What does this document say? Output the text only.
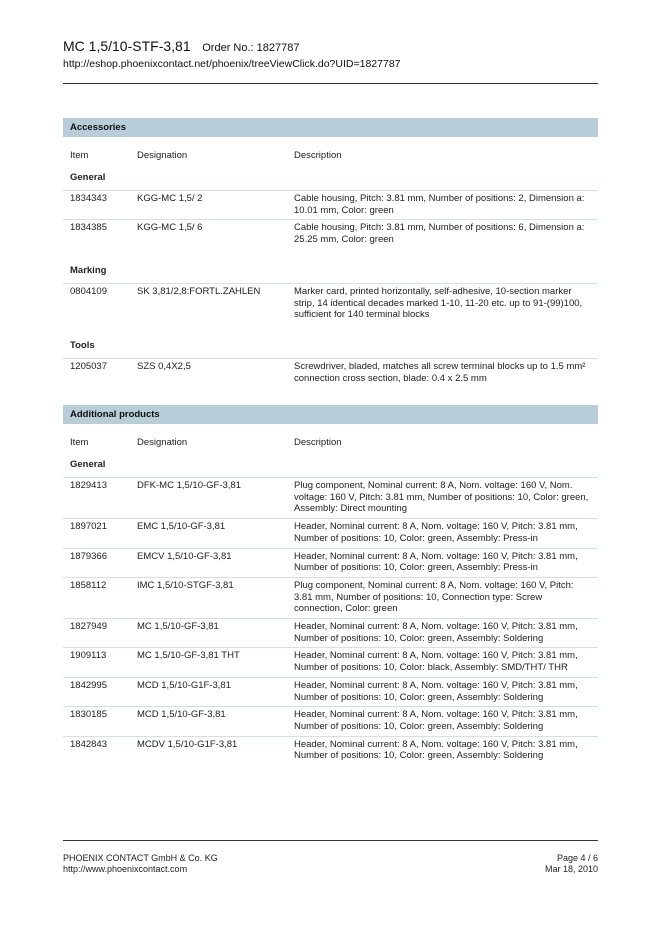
MC 1,5/10-STF-3,81 Order No.: 1827787
http://eshop.phoenixcontact.net/phoenix/treeViewClick.do?UID=1827787
Accessories
Item	Designation	Description
General
1834343	KGG-MC 1,5/ 2	Cable housing, Pitch: 3.81 mm, Number of positions: 2, Dimension a: 10.01 mm, Color: green
1834385	KGG-MC 1,5/ 6	Cable housing, Pitch: 3.81 mm, Number of positions: 6, Dimension a: 25.25 mm, Color: green
Marking
0804109	SK 3,81/2,8:FORTL.ZAHLEN	Marker card, printed horizontally, self-adhesive, 10-section marker strip, 14 identical decades marked 1-10, 11-20 etc. up to 91-(99)100, sufficient for 140 terminal blocks
Tools
1205037	SZS 0,4X2,5	Screwdriver, bladed, matches all screw terminal blocks up to 1.5 mm² connection cross section, blade: 0.4 x 2.5 mm
Additional products
Item	Designation	Description
General
1829413	DFK-MC 1,5/10-GF-3,81	Plug component, Nominal current: 8 A, Nom. voltage: 160 V, Nom. voltage: 160 V, Pitch: 3.81 mm, Number of positions: 10, Color: green, Assembly: Direct mounting
1897021	EMC 1,5/10-GF-3,81	Header, Nominal current: 8 A, Nom. voltage: 160 V, Pitch: 3.81 mm, Number of positions: 10, Color: green, Assembly: Press-in
1879366	EMCV 1,5/10-GF-3,81	Header, Nominal current: 8 A, Nom. voltage: 160 V, Pitch: 3.81 mm, Number of positions: 10, Color: green, Assembly: Press-in
1858112	IMC 1,5/10-STGF-3,81	Plug component, Nominal current: 8 A, Nom. voltage: 160 V, Pitch: 3.81 mm, Number of positions: 10, Connection type: Screw connection, Color: green
1827949	MC 1,5/10-GF-3,81	Header, Nominal current: 8 A, Nom. voltage: 160 V, Pitch: 3.81 mm, Number of positions: 10, Color: green, Assembly: Soldering
1909113	MC 1,5/10-GF-3,81 THT	Header, Nominal current: 8 A, Nom. voltage: 160 V, Pitch: 3.81 mm, Number of positions: 10, Color: black, Assembly: SMD/THT/ THR
1842995	MCD 1,5/10-G1F-3,81	Header, Nominal current: 8 A, Nom. voltage: 160 V, Pitch: 3.81 mm, Number of positions: 10, Color: green, Assembly: Soldering
1830185	MCD 1,5/10-GF-3,81	Header, Nominal current: 8 A, Nom. voltage: 160 V, Pitch: 3.81 mm, Number of positions: 10, Color: green, Assembly: Soldering
1842843	MCDV 1,5/10-G1F-3,81	Header, Nominal current: 8 A, Nom. voltage: 160 V, Pitch: 3.81 mm, Number of positions: 10, Color: green, Assembly: Soldering
PHOENIX CONTACT GmbH & Co. KG
http://www.phoenixcontact.com
Page 4 / 6
Mar 18, 2010
